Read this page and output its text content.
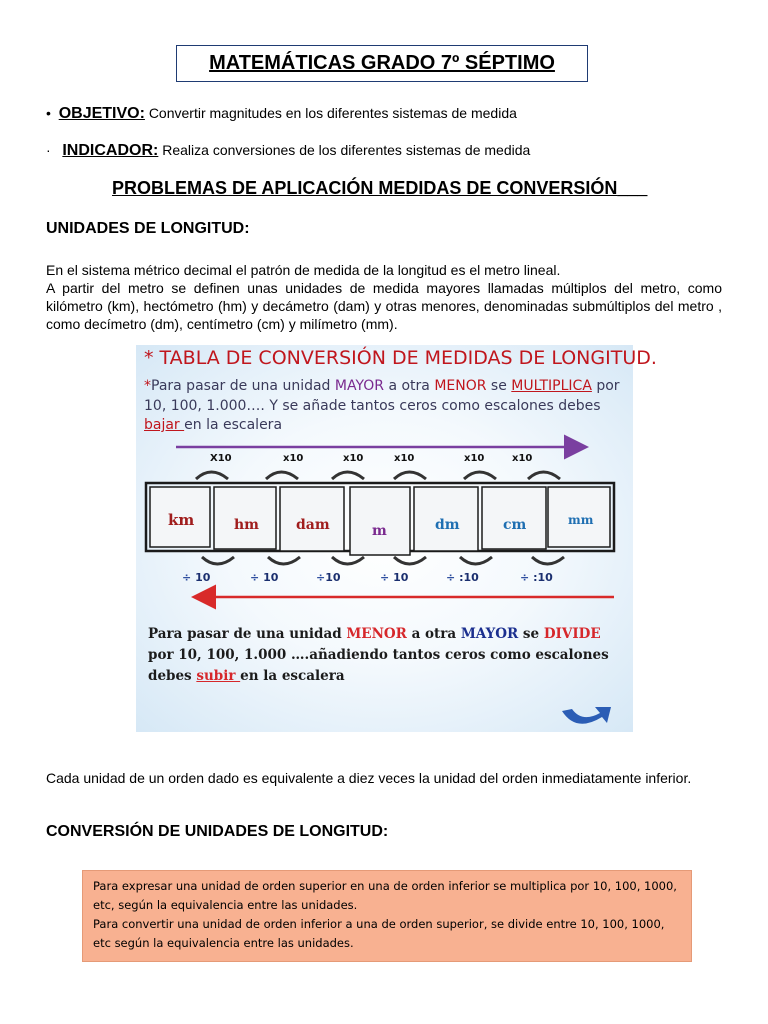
MATEMÁTICAS GRADO 7º SÉPTIMO
• OBJETIVO: Convertir magnitudes en los diferentes sistemas de medida
· INDICADOR: Realiza conversiones de los diferentes sistemas de medida
PROBLEMAS DE APLICACIÓN MEDIDAS DE CONVERSIÓN___
UNIDADES DE LONGITUD:
En el sistema métrico decimal el patrón de medida de la longitud es el metro lineal.
A partir del metro se definen unas unidades de medida mayores llamadas múltiplos del metro, como kilómetro (km), hectómetro (hm) y decámetro (dam) y otras menores, denominadas submúltiplos del metro , como decímetro (dm), centímetro (cm) y milímetro (mm).
* TABLA DE CONVERSIÓN DE MEDIDAS DE LONGITUD.
*Para pasar de una unidad MAYOR a otra MENOR se MULTIPLICA por
10, 100, 1.000…. Y se añade tantos ceros como escalones debes
bajar en la escalera
X10	x10	x10	x10	x10	x10
km	hm	dam	m	dm	cm	mm
÷ 10	÷ 10	÷10	÷ 10	÷ :10	÷ :10
Para pasar de una unidad MENOR a otra MAYOR se DIVIDE
por 10, 100, 1.000 ….añadiendo tantos ceros como escalones
debes subir en la escalera
Cada unidad de un orden dado es equivalente a diez veces la unidad del orden inmediatamente inferior.
CONVERSIÓN DE UNIDADES DE LONGITUD:
Para expresar una unidad de orden superior en una de orden inferior se multiplica por 10, 100, 1000, etc, según la equivalencia entre las unidades.
Para convertir una unidad de orden inferior a una de orden superior, se divide entre 10, 100, 1000, etc según la equivalencia entre las unidades.
